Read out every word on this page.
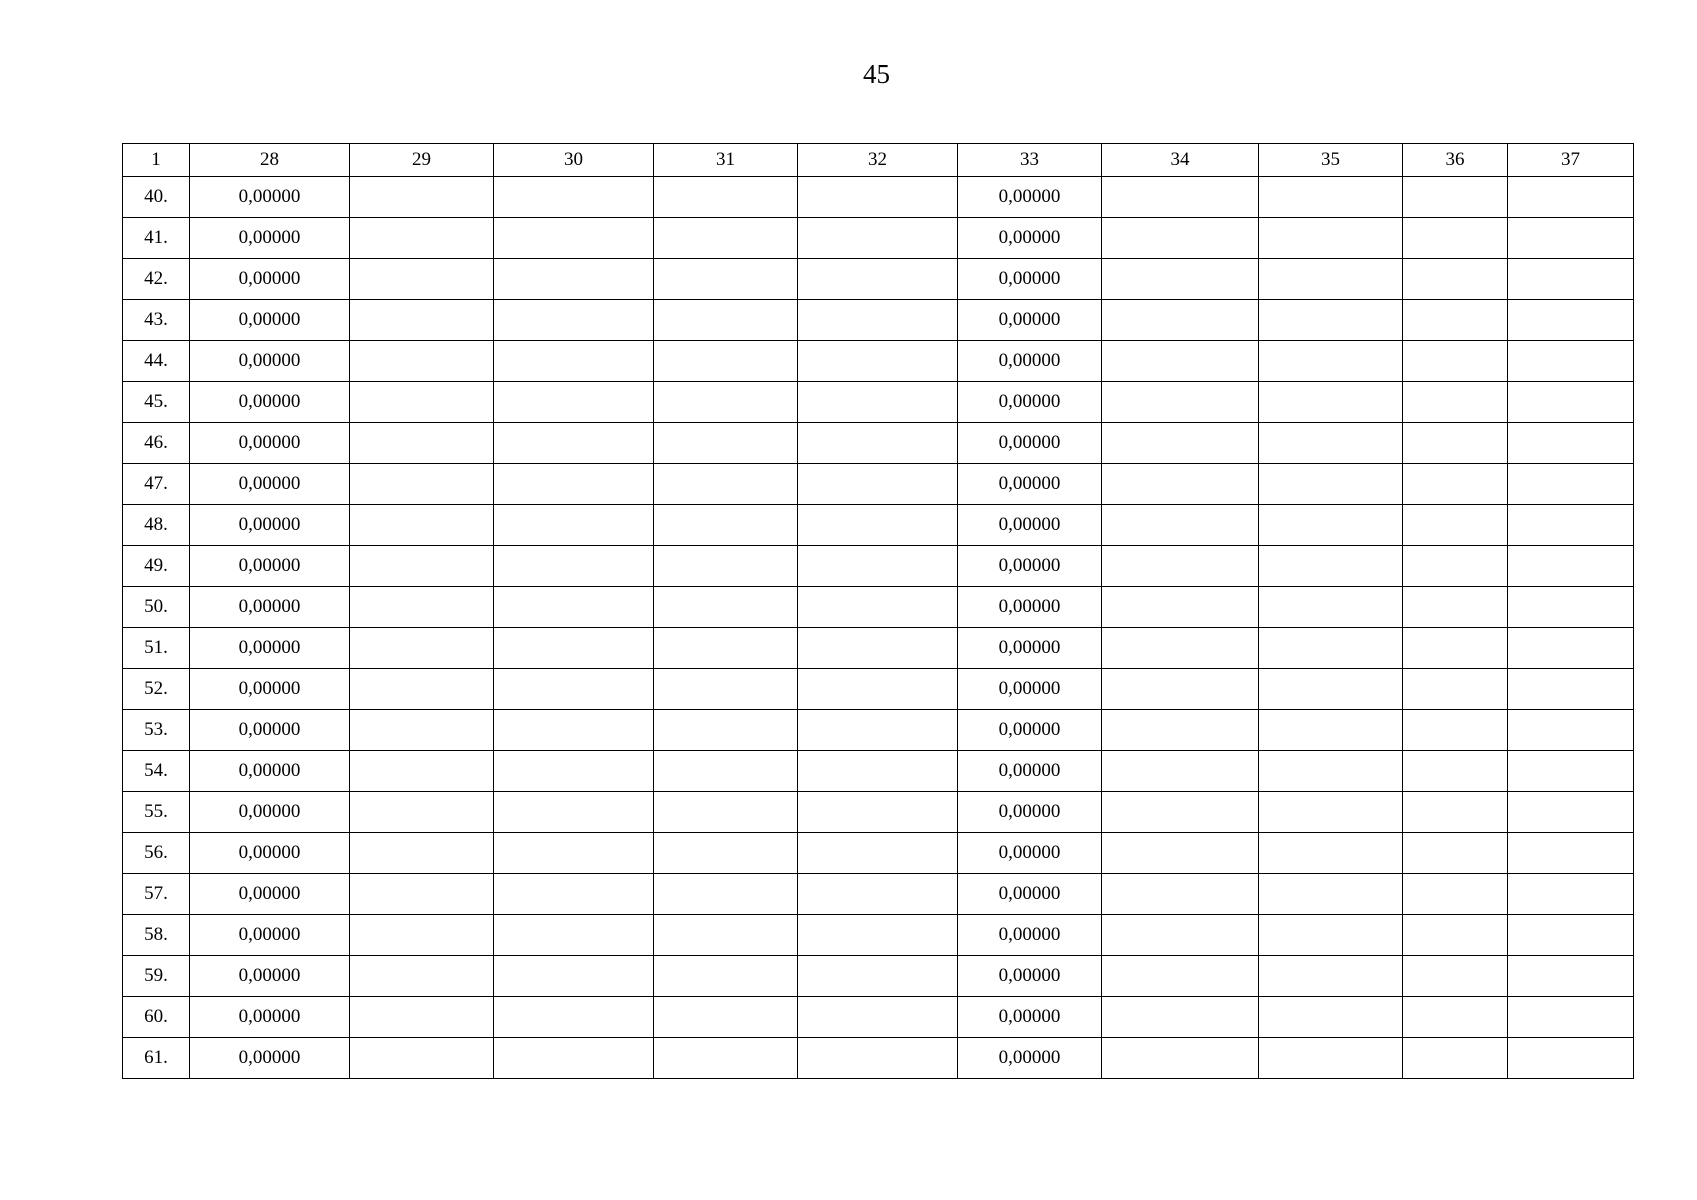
45
1	28	29	30	31	32	33	34	35	36	37
40.	0,00000					0,00000				
41.	0,00000					0,00000				
42.	0,00000					0,00000				
43.	0,00000					0,00000				
44.	0,00000					0,00000				
45.	0,00000					0,00000				
46.	0,00000					0,00000				
47.	0,00000					0,00000				
48.	0,00000					0,00000				
49.	0,00000					0,00000				
50.	0,00000					0,00000				
51.	0,00000					0,00000				
52.	0,00000					0,00000				
53.	0,00000					0,00000				
54.	0,00000					0,00000				
55.	0,00000					0,00000				
56.	0,00000					0,00000				
57.	0,00000					0,00000				
58.	0,00000					0,00000				
59.	0,00000					0,00000				
60.	0,00000					0,00000				
61.	0,00000					0,00000				
